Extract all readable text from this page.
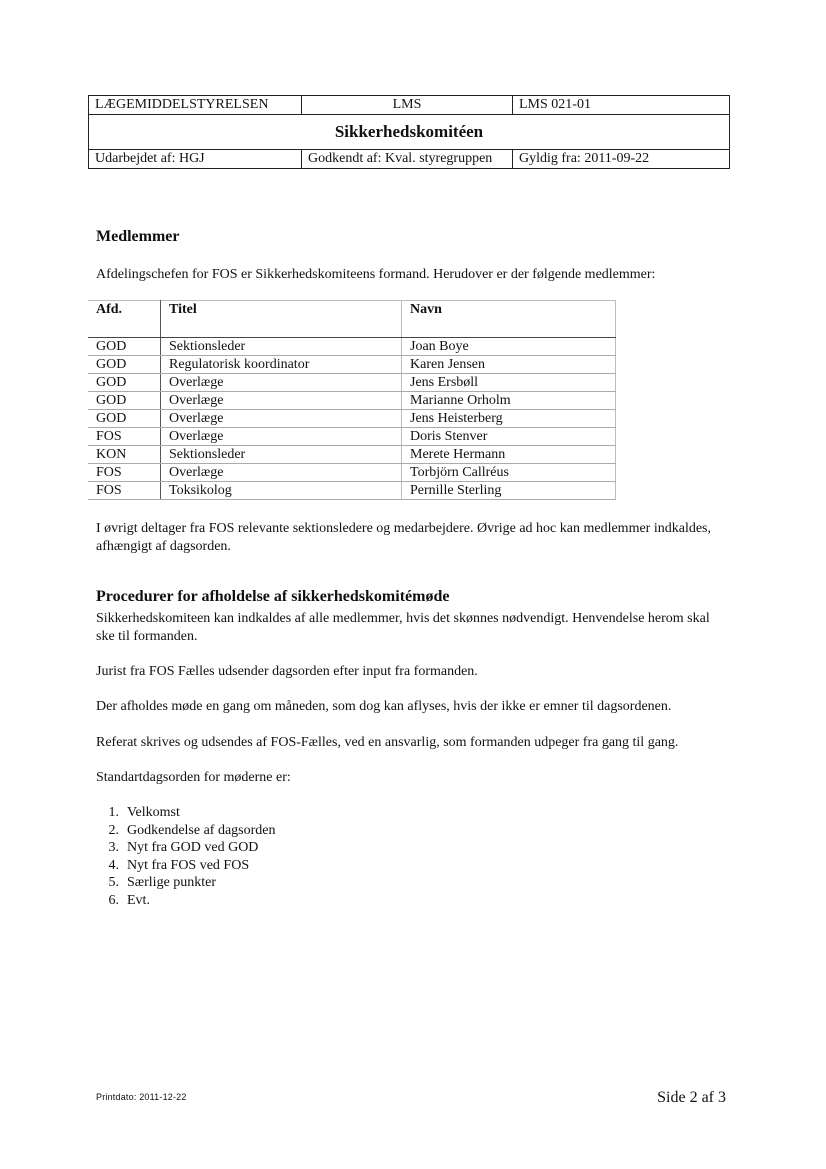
LÆGEMIDDELSTYRELSEN	LMS	LMS 021-01
Sikkerhedskomitéen		
Udarbejdet af: HGJ	Godkendt af: Kval. styregruppen	Gyldig fra: 2011-09-22
Medlemmer

Afdelingschefen for FOS er Sikkerhedskomiteens formand. Herudover er der følgende medlemmer:

Afd.	Titel	Navn
GOD	Sektionsleder	Joan Boye
GOD	Regulatorisk koordinator	Karen Jensen
GOD	Overlæge	Jens Ersbøll
GOD	Overlæge	Marianne Orholm
GOD	Overlæge	Jens Heisterberg
FOS	Overlæge	Doris Stenver
KON	Sektionsleder	Merete Hermann
FOS	Overlæge	Torbjörn Callréus
FOS	Toksikolog	Pernille Sterling

I øvrigt deltager fra FOS relevante sektionsledere og medarbejdere. Øvrige ad hoc kan medlemmer indkaldes, afhængigt af dagsorden.

Procedurer for afholdelse af sikkerhedskomitémøde

Sikkerhedskomiteen kan indkaldes af alle medlemmer, hvis det skønnes nødvendigt. Henvendelse herom skal ske til formanden.

Jurist fra FOS Fælles udsender dagsorden efter input fra formanden.

Der afholdes møde en gang om måneden, som dog kan aflyses, hvis der ikke er emner til dagsordenen.

Referat skrives og udsendes af FOS-Fælles, ved en ansvarlig, som formanden udpeger fra gang til gang.

Standartdagsorden for møderne er:

1. Velkomst
2. Godkendelse af dagsorden
3. Nyt fra GOD ved GOD
4. Nyt fra FOS ved FOS
5. Særlige punkter
6. Evt.
Printdato: 2011-12-22	Side 2 af 3
